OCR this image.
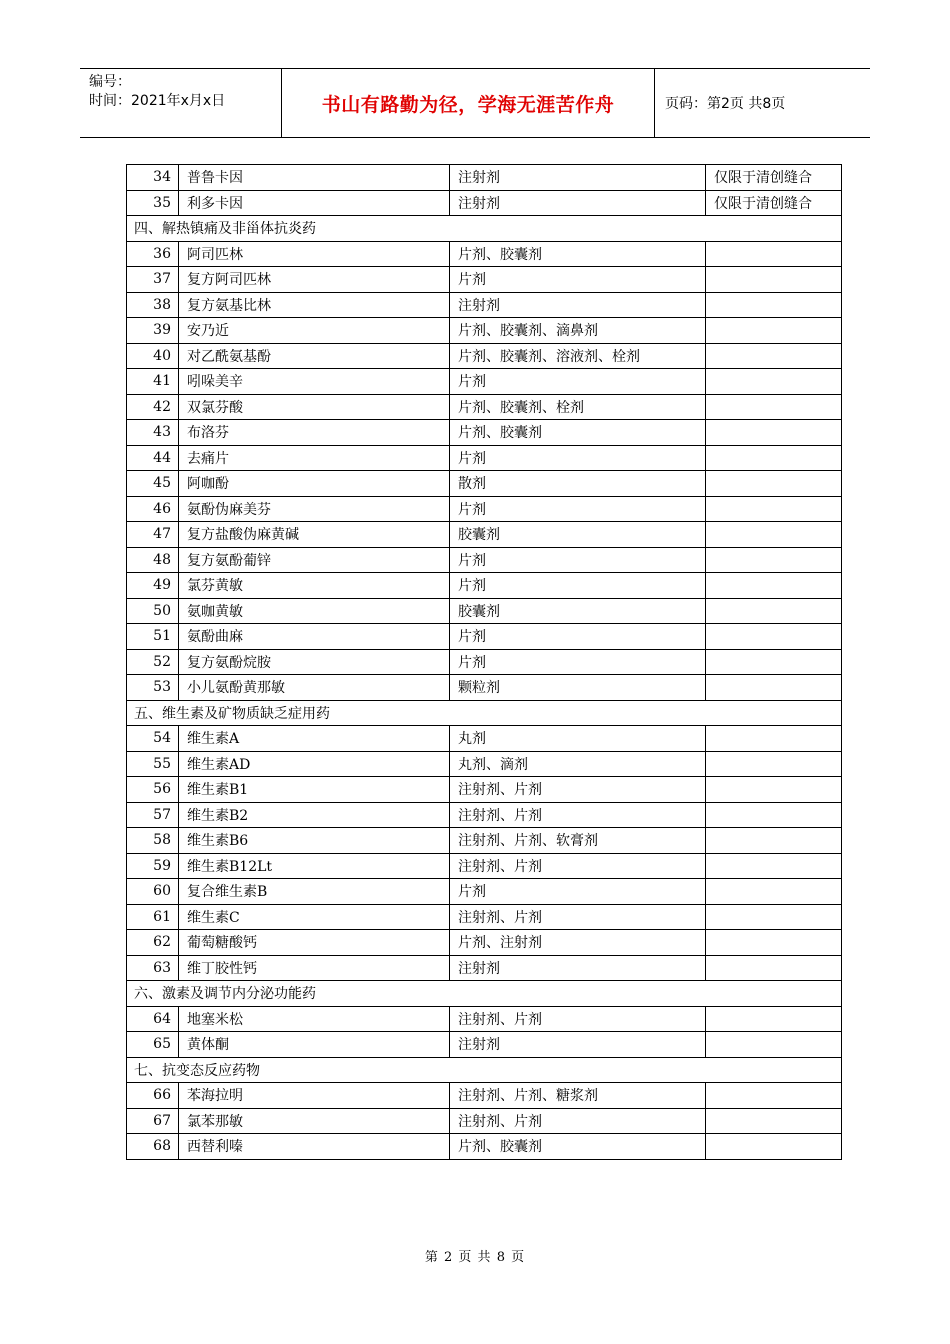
编号：
时间：2021年x月x日	书山有路勤为径，学海无涯苦作舟	页码：第2页 共8页
34	普鲁卡因	注射剂	仅限于清创缝合
35	利多卡因	注射剂	仅限于清创缝合
四、解热镇痛及非甾体抗炎药			
36	阿司匹林	片剂、胶囊剂	
37	复方阿司匹林	片剂	
38	复方氨基比林	注射剂	
39	安乃近	片剂、胶囊剂、滴鼻剂	
40	对乙酰氨基酚	片剂、胶囊剂、溶液剂、栓剂	
41	吲哚美辛	片剂	
42	双氯芬酸	片剂、胶囊剂、栓剂	
43	布洛芬	片剂、胶囊剂	
44	去痛片	片剂	
45	阿咖酚	散剂	
46	氨酚伪麻美芬	片剂	
47	复方盐酸伪麻黄碱	胶囊剂	
48	复方氨酚葡锌	片剂	
49	氯芬黄敏	片剂	
50	氨咖黄敏	胶囊剂	
51	氨酚曲麻	片剂	
52	复方氨酚烷胺	片剂	
53	小儿氨酚黄那敏	颗粒剂	
五、维生素及矿物质缺乏症用药			
54	维生素A	丸剂	
55	维生素AD	丸剂、滴剂	
56	维生素B1	注射剂、片剂	
57	维生素B2	注射剂、片剂	
58	维生素B6	注射剂、片剂、软膏剂	
59	维生素B12Lt	注射剂、片剂	
60	复合维生素B	片剂	
61	维生素C	注射剂、片剂	
62	葡萄糖酸钙	片剂、注射剂	
63	维丁胶性钙	注射剂	
六、激素及调节内分泌功能药			
64	地塞米松	注射剂、片剂	
65	黄体酮	注射剂	
七、抗变态反应药物			
66	苯海拉明	注射剂、片剂、糖浆剂	
67	氯苯那敏	注射剂、片剂	
68	西替利嗪	片剂、胶囊剂	
第 2 页 共 8 页
